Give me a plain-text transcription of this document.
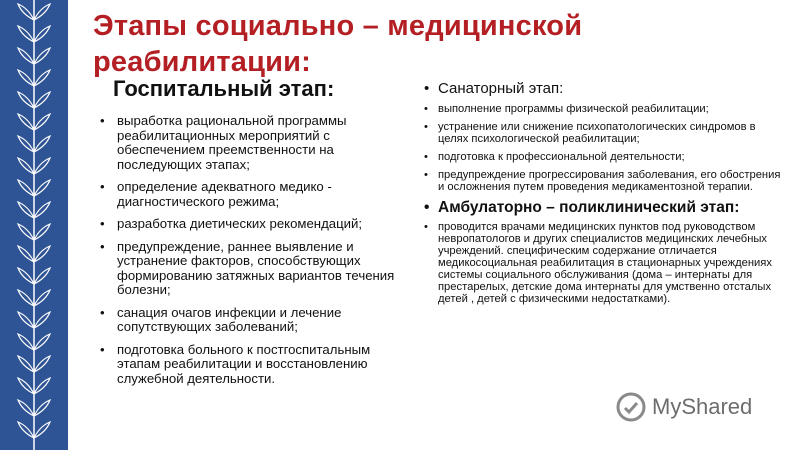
Этапы социально – медицинской реабилитации:
Госпитальный этап:
• выработка рациональной программы реабилитационных мероприятий с обеспечением преемственности на последующих этапах;
• определение адекватного медико - диагностического режима;
• разработка диетических рекомендаций;
• предупреждение, раннее выявление и устранение факторов, способствующих формированию затяжных вариантов течения болезни;
• санация очагов инфекции и лечение сопутствующих заболеваний;
• подготовка больного к постгоспитальным этапам реабилитации и восстановлению служебной деятельности.
• Санаторный этап:
• выполнение программы физической реабилитации;
• устранение или снижение психопатологических синдромов в целях психологической реабилитации;
• подготовка к профессиональной деятельности;
• предупреждение прогрессирования заболевания, его обострения и осложнения путем проведения медикаментозной терапии.
• Амбулаторно – поликлинический этап:
• проводится врачами медицинских пунктов под руководством невропатологов и других специалистов медицинских лечебных учреждений. специфическим содержание отличается медикосоциальная реабилитация в стационарных учреждениях системы социального обслуживания (дома – интернаты для престарелых, детские дома интернаты для умственно отсталых детей , детей с физическими недостатками).
MyShared
